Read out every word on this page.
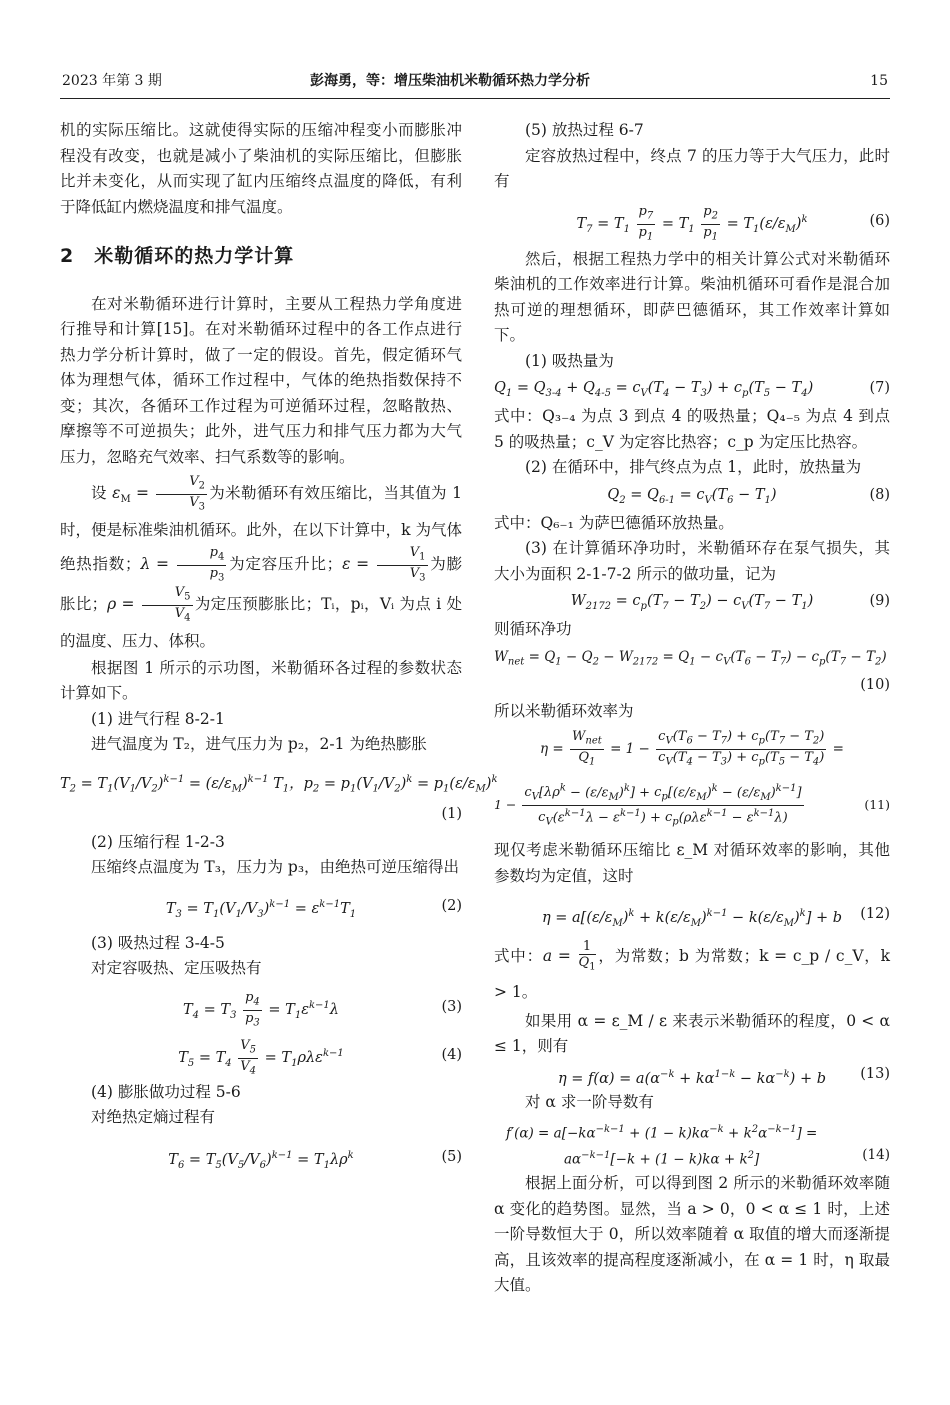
2023 年第 3 期	彭海勇，等：增压柴油机米勒循环热力学分析	15

机的实际压缩比。这就使得实际的压缩冲程变小而膨胀冲程没有改变，也就是减小了柴油机的实际压缩比，但膨胀比并未变化，从而实现了缸内压缩终点温度的降低，有利于降低缸内燃烧温度和排气温度。

2　米勒循环的热力学计算

在对米勒循环进行计算时，主要从工程热力学角度进行推导和计算[15]。在对米勒循环过程中的各工作点进行热力学分析计算时，做了一定的假设。首先，假定循环气体为理想气体，循环工作过程中，气体的绝热指数保持不变；其次，各循环工作过程为可逆循环过程，忽略散热、摩擦等不可逆损失；此外，进气压力和排气压力都为大气压力，忽略充气效率、扫气系数等的影响。

设 $\varepsilon_M = \frac{V_2}{V_3}$ 为米勒循环有效压缩比，当其值为 1 时，便是标准柴油机循环。此外，在以下计算中，k 为气体绝热指数；$\lambda = \frac{p_4}{p_3}$ 为定容压升比；$\varepsilon = \frac{V_1}{V_3}$ 为膨胀比；$\rho = \frac{V_5}{V_4}$ 为定压预膨胀比；Tᵢ，pᵢ，Vᵢ 为点 i 处的温度、压力、体积。

根据图 1 所示的示功图，米勒循环各过程的参数状态计算如下。

(1) 进气行程 8-2-1

进气温度为 T₂，进气压力为 p₂，2-1 为绝热膨胀

$T_2 = T_1(V_1/V_2)^{k-1} = (\varepsilon/\varepsilon_M)^{k-1}$ $T_1$，$p_2 = p_1(V_1/V_2)^k = p_1(\varepsilon/\varepsilon_M)^k$
(1)

(2) 压缩行程 1-2-3

压缩终点温度为 T₃，压力为 p₃，由绝热可逆压缩得出

$T_3 = T_1(V_1/V_3)^{k-1} = \varepsilon^{k-1}T_1$
(2)

(3) 吸热过程 3-4-5

对定容吸热、定压吸热有

$T_4 = T_3 \frac{p_4}{p_3} = T_1\varepsilon^{k-1}\lambda$	(3)
$T_5 = T_4 \frac{V_5}{V_4} = T_1\rho\lambda\varepsilon^{k-1}$	(4)

(4) 膨胀做功过程 5-6

对绝热定熵过程有

$T_6 = T_5(V_5/V_6)^{k-1} = T_1\lambda\rho^k$	(5)

(5) 放热过程 6-7

定容放热过程中，终点 7 的压力等于大气压力，此时有

$T_7 = T_1 \frac{p_7}{p_1} = T_1 \frac{p_2}{p_1} = T_1(\varepsilon/\varepsilon_M)^k$	(6)

然后，根据工程热力学中的相关计算公式对米勒循环柴油机的工作效率进行计算。柴油机循环可看作是混合加热可逆的理想循环，即萨巴德循环，其工作效率计算如下。

(1) 吸热量为

$Q_1 = Q_{3-4} + Q_{4-5} = c_V(T_4 - T_3) + c_p(T_5 - T_4)$	(7)

式中：Q₃₋₄ 为点 3 到点 4 的吸热量；Q₄₋₅ 为点 4 到点 5 的吸热量；c_V 为定容比热容；c_p 为定压比热容。

(2) 在循环中，排气终点为点 1，此时，放热量为

$Q_2 = Q_{6-1} = c_V(T_6 - T_1)$	(8)

式中：Q₆₋₁ 为萨巴德循环放热量。

(3) 在计算循环净功时，米勒循环存在泵气损失，其大小为面积 2-1-7-2 所示的做功量，记为

$W_{2172} = c_p(T_7 - T_2) - c_V(T_7 - T_1)$	(9)

则循环净功

$W_{net} = Q_1 - Q_2 - W_{2172} = Q_1 - c_V(T_6 - T_7) - c_p(T_7 - T_2)$
(10)

所以米勒循环效率为

$\eta = \frac{W_{net}}{Q_1} = 1 - \frac{c_V(T_6 - T_7) + c_p(T_7 - T_2)}{c_V(T_4 - T_3) + c_p(T_5 - T_4)}$ =
$1 - \frac{c_V[\lambda\rho^k - (\varepsilon/\varepsilon_M)^k] + c_p[(\varepsilon/\varepsilon_M)^k - (\varepsilon/\varepsilon_M)^{k-1}]}{c_V(\varepsilon^{k-1}\lambda - \varepsilon^{k-1}) + c_p(\rho\lambda\varepsilon^{k-1} - \varepsilon^{k-1}\lambda)}$	(11)

现仅考虑米勒循环压缩比 ε_M 对循环效率的影响，其他参数均为定值，这时

$\eta = a[(\varepsilon/\varepsilon_M)^k + k(\varepsilon/\varepsilon_M)^{k-1} - k(\varepsilon/\varepsilon_M)^k] + b$ (12)

式中：$a = \frac{1}{Q_1}$ ，为常数；b 为常数；k = c_p / c_V，k > 1。

如果用 α = ε_M / ε 来表示米勒循环的程度，0 < α ≤ 1，则有

$\eta = f(\alpha) = a(\alpha^{-k} + k\alpha^{1-k} - k\alpha^{-k}) + b$ (13)

对 α 求一阶导数有

$f'(\alpha) = a[-k\alpha^{-k-1} + (1 - k)k\alpha^{-k} + k^2\alpha^{-k-1}]$ =
$a\alpha^{-k-1}[-k + (1 - k)k\alpha + k^2]$	(14)

根据上面分析，可以得到图 2 所示的米勒循环效率随 α 变化的趋势图。显然，当 a > 0，0 < α ≤ 1 时，上述一阶导数恒大于 0，所以效率随着 α 取值的增大而逐渐提高，且该效率的提高程度逐渐减小，在 α = 1 时，η 取最大值。
